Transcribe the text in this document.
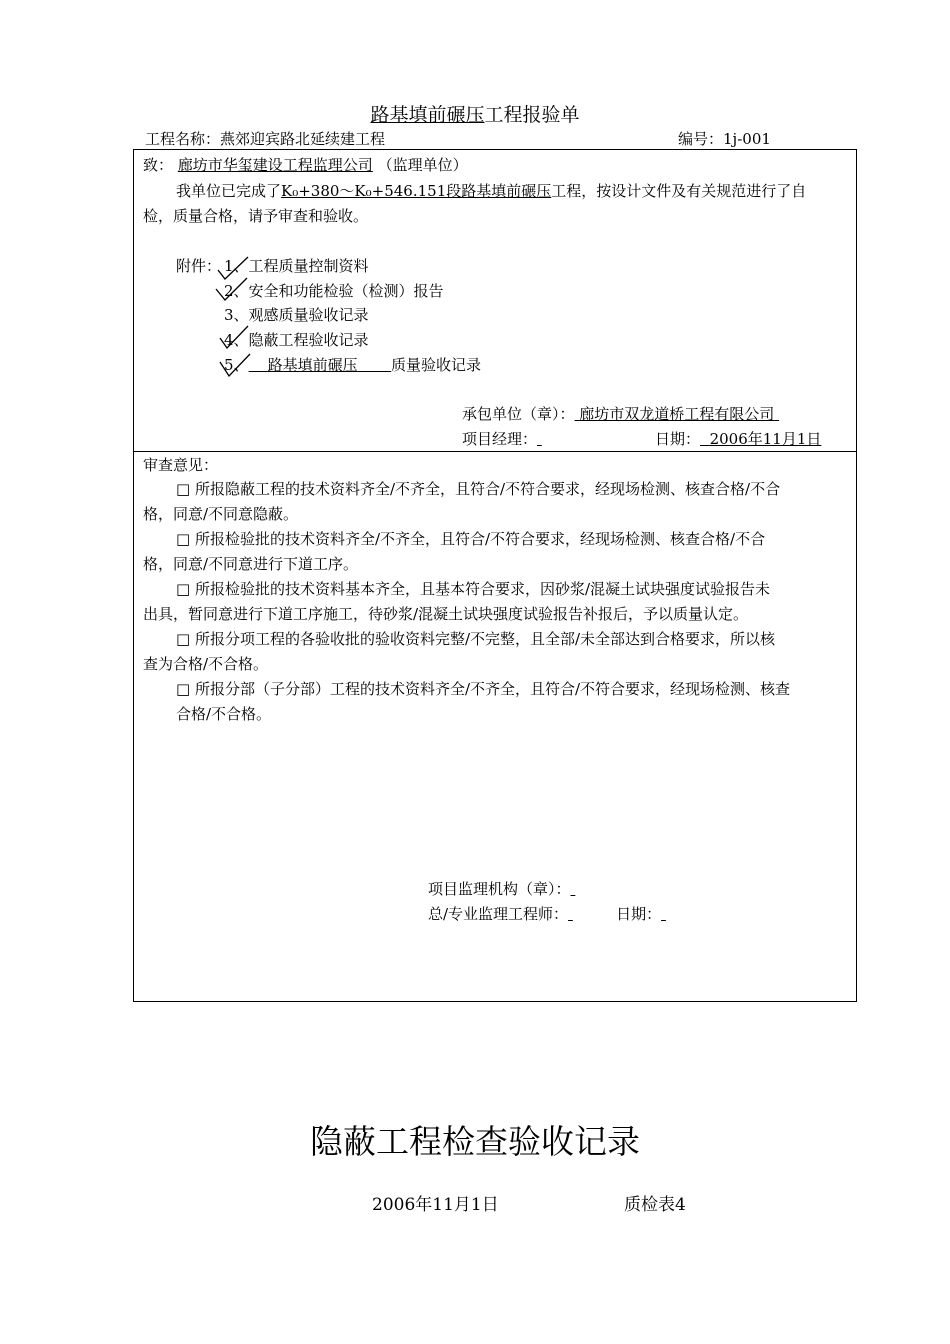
路基填前碾压工程报验单
工程名称：燕郊迎宾路北延续建工程	编号：1j-001
致： 廊坊市华玺建设工程监理公司 （监理单位）
我单位已完成了K₀+380～K₀+546.151段路基填前碾压工程，按设计文件及有关规范进行了自
检，质量合格，请予审查和验收。
附件： 1、工程质量控制资料
2、安全和功能检验（检测）报告
3、观感质量验收记录
4、隐蔽工程验收记录
5、 路基填前碾压 质量验收记录
承包单位（章）： 廊坊市双龙道桥工程有限公司
项目经理：	日期： 2006年11月1日
审查意见：
□ 所报隐蔽工程的技术资料齐全/不齐全，且符合/不符合要求，经现场检测、核查合格/不合
格，同意/不同意隐蔽。
□ 所报检验批的技术资料齐全/不齐全，且符合/不符合要求，经现场检测、核查合格/不合
格，同意/不同意进行下道工序。
□ 所报检验批的技术资料基本齐全，且基本符合要求，因砂浆/混凝土试块强度试验报告未
出具，暂同意进行下道工序施工，待砂浆/混凝土试块强度试验报告补报后，予以质量认定。
□ 所报分项工程的各验收批的验收资料完整/不完整，且全部/未全部达到合格要求，所以核
查为合格/不合格。
□ 所报分部（子分部）工程的技术资料齐全/不齐全，且符合/不符合要求，经现场检测、核查
合格/不合格。
项目监理机构（章）：
总/专业监理工程师：	日期：
隐蔽工程检查验收记录
2006年11月1日	质检表4
